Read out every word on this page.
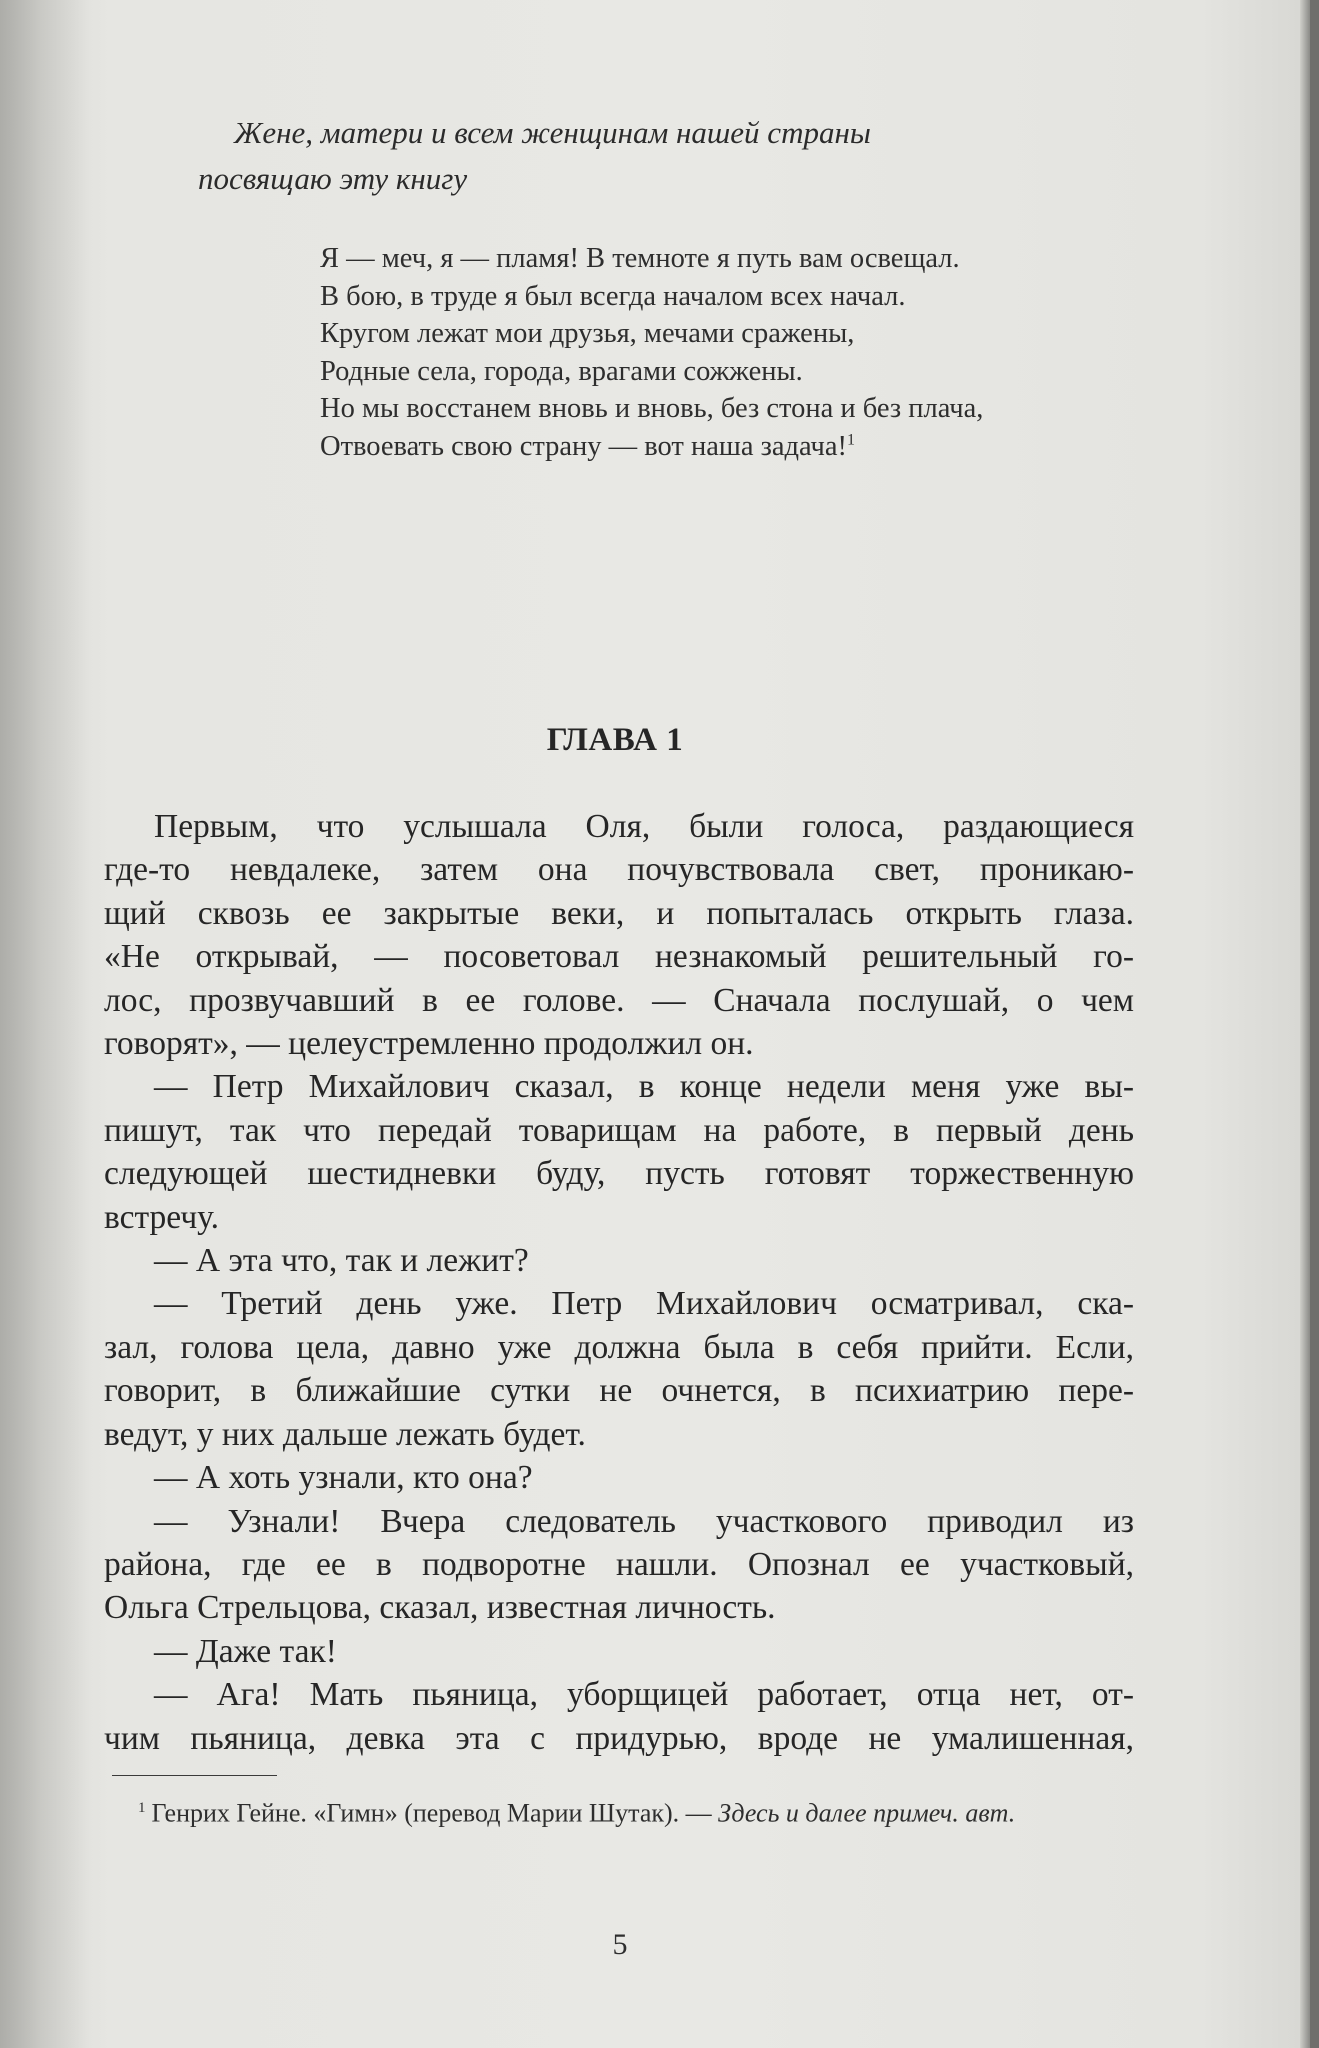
Жене, матери и всем женщинам нашей страны
посвящаю эту книгу
Я — меч, я — пламя! В темноте я путь вам освещал.
В бою, в труде я был всегда началом всех начал.
Кругом лежат мои друзья, мечами сражены,
Родные села, города, врагами сожжены.
Но мы восстанем вновь и вновь, без стона и без плача,
Отвоевать свою страну — вот наша задача!$^1$
ГЛАВА 1
Первым, что услышала Оля, были голоса, раздающиеся
где-то невдалеке, затем она почувствовала свет, проникаю-
щий сквозь ее закрытые веки, и попыталась открыть глаза.
«Не открывай, — посоветовал незнакомый решительный го-
лос, прозвучавший в ее голове. — Сначала послушай, о чем
говорят», — целеустремленно продолжил он.
— Петр Михайлович сказал, в конце недели меня уже вы-
пишут, так что передай товарищам на работе, в первый день
следующей шестидневки буду, пусть готовят торжественную
встречу.
— А эта что, так и лежит?
— Третий день уже. Петр Михайлович осматривал, ска-
зал, голова цела, давно уже должна была в себя прийти. Если,
говорит, в ближайшие сутки не очнется, в психиатрию пере-
ведут, у них дальше лежать будет.
— А хоть узнали, кто она?
— Узнали! Вчера следователь участкового приводил из
района, где ее в подворотне нашли. Опознал ее участковый,
Ольга Стрельцова, сказал, известная личность.
— Даже так!
— Ага! Мать пьяница, уборщицей работает, отца нет, от-
чим пьяница, девка эта с придурью, вроде не умалишенная,
$^1$ Генрих Гейне. «Гимн» (перевод Марии Шутак). — Здесь и далее примеч. авт.
5
